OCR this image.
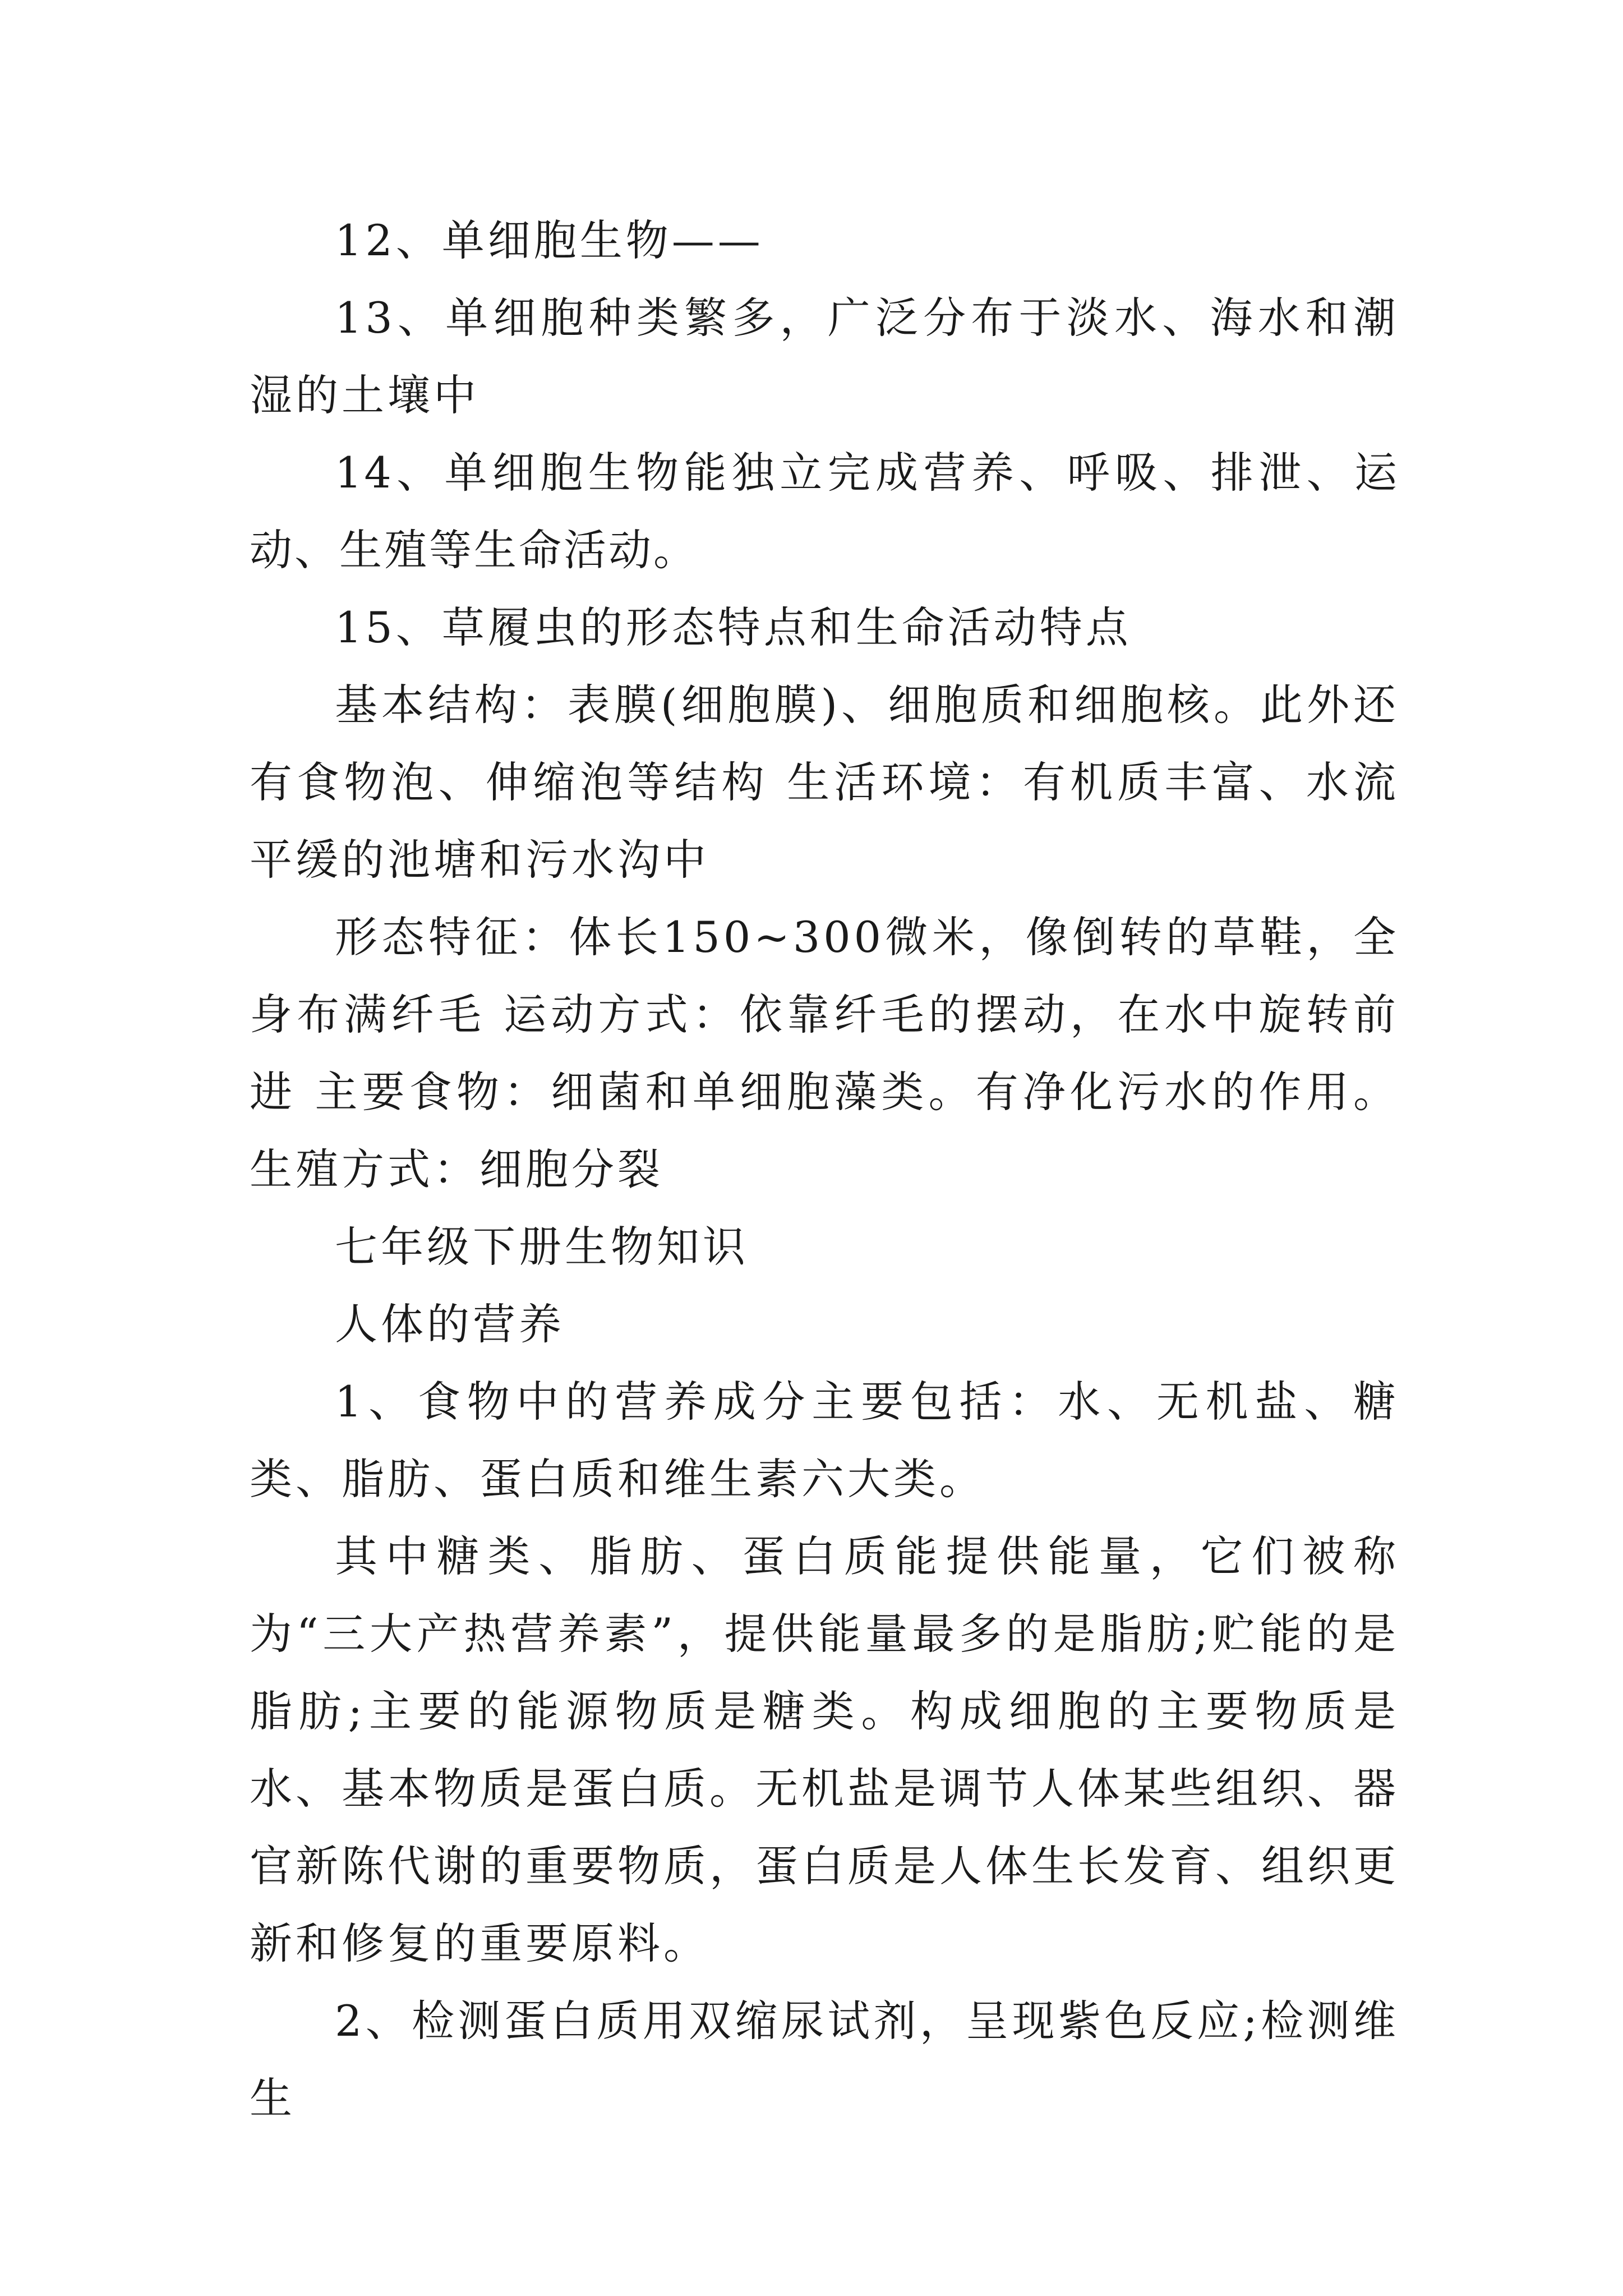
12、单细胞生物——

13、单细胞种类繁多，广泛分布于淡水、海水和潮湿的土壤中

14、单细胞生物能独立完成营养、呼吸、排泄、运动、生殖等生命活动。

15、草履虫的形态特点和生命活动特点

基本结构：表膜(细胞膜)、细胞质和细胞核。此外还有食物泡、伸缩泡等结构 生活环境：有机质丰富、水流平缓的池塘和污水沟中

形态特征：体长150~300微米，像倒转的草鞋，全身布满纤毛 运动方式：依靠纤毛的摆动，在水中旋转前进 主要食物：细菌和单细胞藻类。有净化污水的作用。 生殖方式：细胞分裂

七年级下册生物知识

人体的营养

1、食物中的营养成分主要包括：水、无机盐、糖类、脂肪、蛋白质和维生素六大类。

其中糖类、脂肪、蛋白质能提供能量，它们被称为“三大产热营养素”，提供能量最多的是脂肪;贮能的是脂肪;主要的能源物质是糖类。构成细胞的主要物质是水、基本物质是蛋白质。无机盐是调节人体某些组织、器官新陈代谢的重要物质，蛋白质是人体生长发育、组织更新和修复的重要原料。

2、检测蛋白质用双缩尿试剂，呈现紫色反应;检测维生
